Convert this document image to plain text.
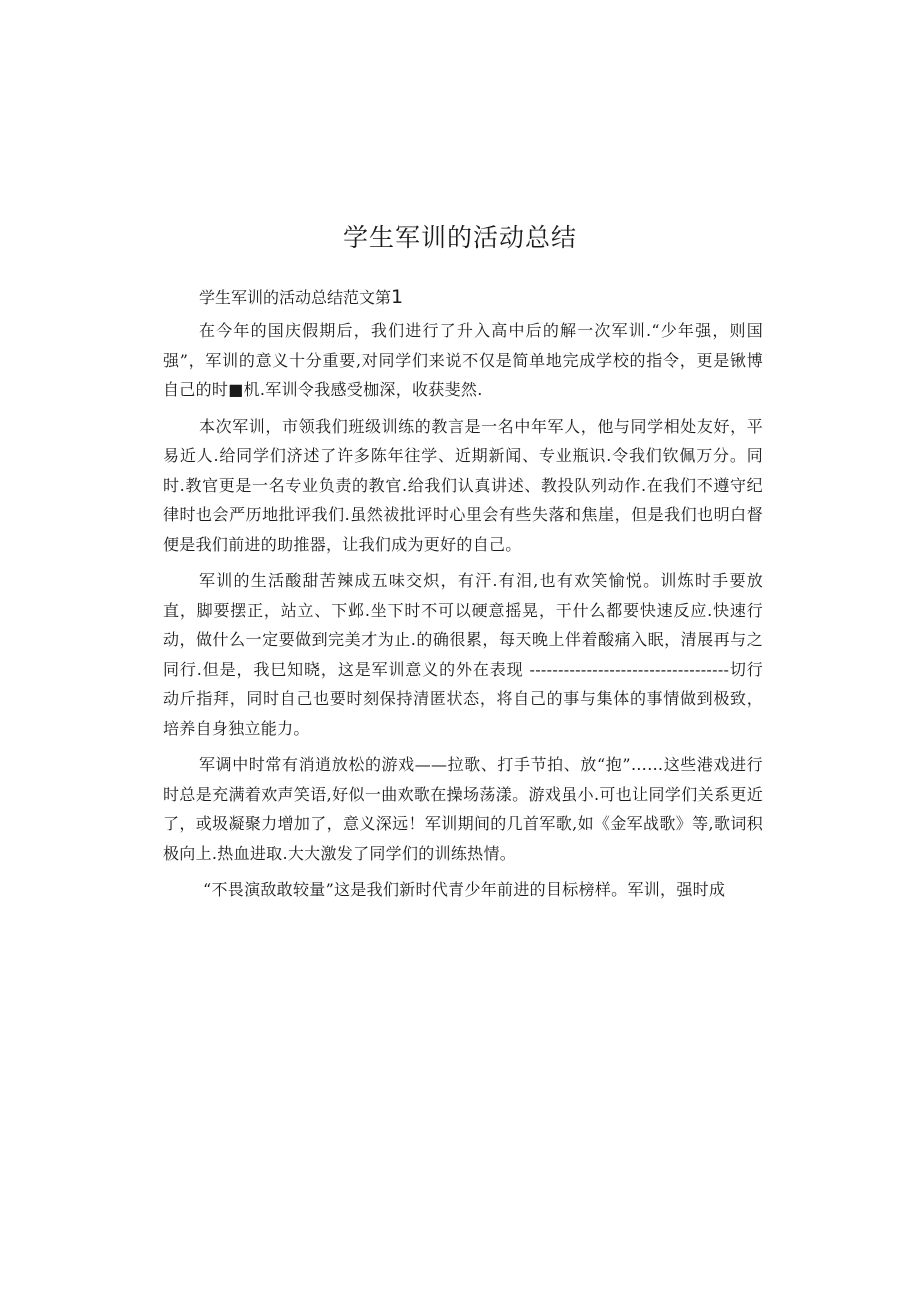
学生军训的活动总结

学生军训的活动总结范文第1

在今年的国庆假期后，我们进行了升入高中后的解一次军训.“少年强，则国强”，军训的意义十分重要,对同学们来说不仅是简单地完成学校的指令，更是锹博自己的时■机.军训令我感受枷深，收获斐然.

本次军训，市领我们班级训练的教言是一名中年军人，他与同学相处友好，平易近人.给同学们济述了许多陈年往学、近期新闻、专业瓶识.令我们钦佩万分。同时.教官更是一名专业负责的教官.给我们认真讲述、教投队列动作.在我们不遵守纪律时也会严历地批评我们.虽然祓批评时心里会有些失落和焦崖，但是我们也明白督便是我们前进的助推器，让我们成为更好的自己。

军训的生活酸甜苦辣成五味交炽，有汗.有泪,也有欢笑愉悦。训炼时手要放直，脚要摆正，站立、下邺.坐下时不可以硬意摇晃，干什么都要快速反应.快速行动，做什么一定要做到完美才为止.的确很累，每天晚上伴着酸痛入眠，清展再与之同行.但是，我巳知晓，这是军训意义的外在表现 -----------------------------------切行动斤指拜，同时自己也要时刻保持清匿状态，将自己的事与集体的事情做到极致，培养自身独立能力。

军调中时常有消逍放松的游戏——拉歌、打手节拍、放“抱”……这些港戏进行时总是充满着欢声笑语,好似一曲欢歌在操场荡漾。游戏虽小.可也让同学们关系更近了，或圾凝聚力增加了，意义深远！军训期间的几首军歌,如《金军战歌》等,歌词积极向上.热血进取.大大激发了同学们的训练热情。

“不畏演敌敢较量”这是我们新时代青少年前进的目标榜样。军训，强时成
